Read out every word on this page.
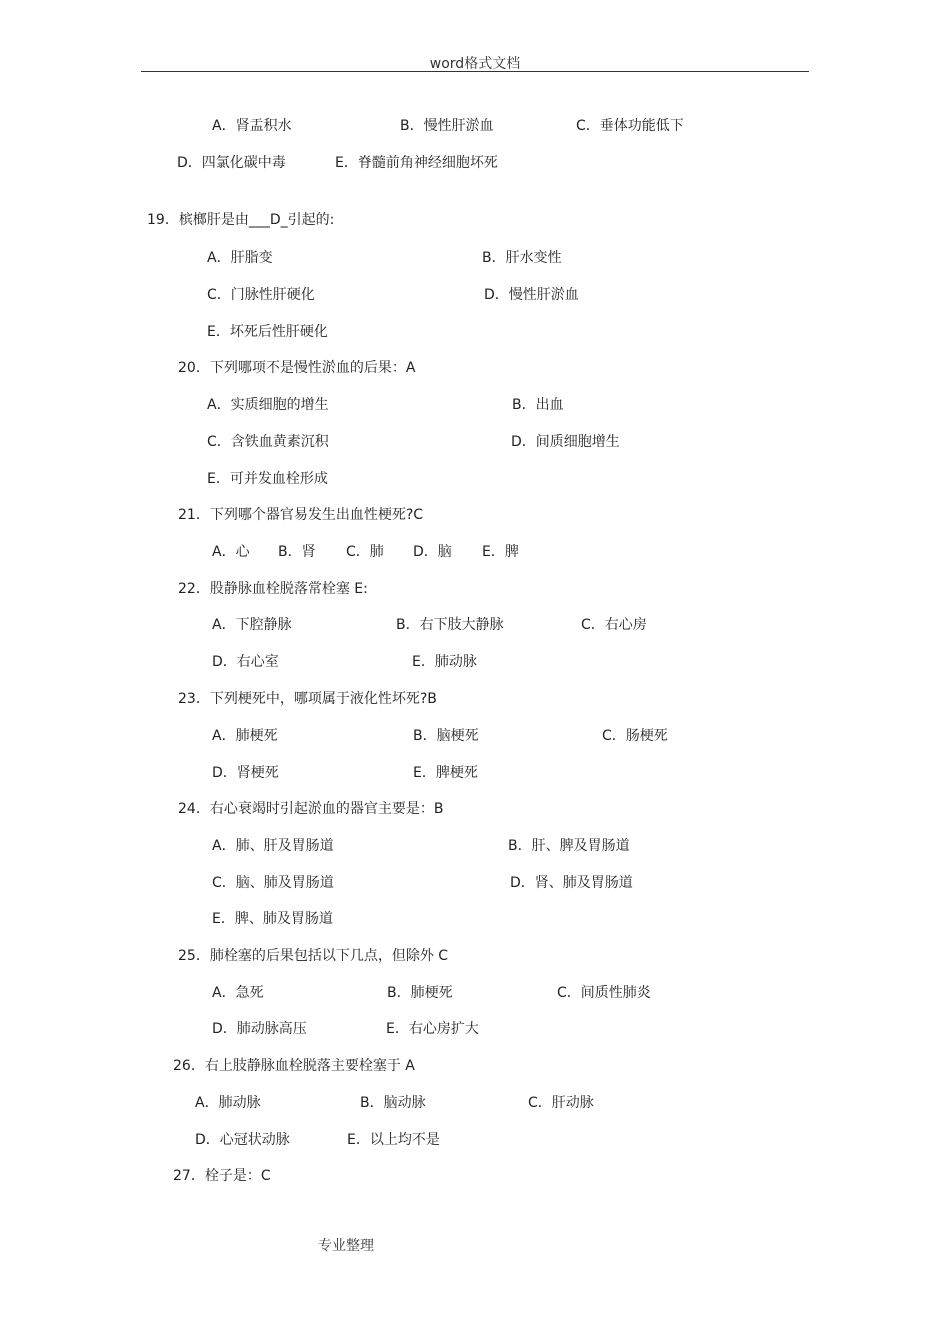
word格式文档
A．肾盂积水	B．慢性肝淤血	C．垂体功能低下
D．四氯化碳中毒	E．脊髓前角神经细胞坏死
19．槟榔肝是由___D_引起的:
A．肝脂变	B．肝水变性
C．门脉性肝硬化	D．慢性肝淤血
E．坏死后性肝硬化
20．下列哪项不是慢性淤血的后果：A
A．实质细胞的增生	B．出血
C．含铁血黄素沉积	D．间质细胞增生
E．可并发血栓形成
21．下列哪个器官易发生出血性梗死?C
A．心 B．肾 C．肺 D．脑 E．脾
22．股静脉血栓脱落常栓塞 E:
A．下腔静脉	B．右下肢大静脉	C．右心房
D．右心室	E．肺动脉
23．下列梗死中，哪项属于液化性坏死?B
A．肺梗死	B．脑梗死	C．肠梗死
D．肾梗死	E．脾梗死
24．右心衰竭时引起淤血的器官主要是：B
A．肺、肝及胃肠道	B．肝、脾及胃肠道
C．脑、肺及胃肠道	D．肾、肺及胃肠道
E．脾、肺及胃肠道
25．肺栓塞的后果包括以下几点，但除外 C
A．急死	B．肺梗死	C．间质性肺炎
D．肺动脉高压	E．右心房扩大
26．右上肢静脉血栓脱落主要栓塞于 A
A．肺动脉	B．脑动脉	C．肝动脉
D．心冠状动脉	E．以上均不是
27．栓子是：C
专业整理
